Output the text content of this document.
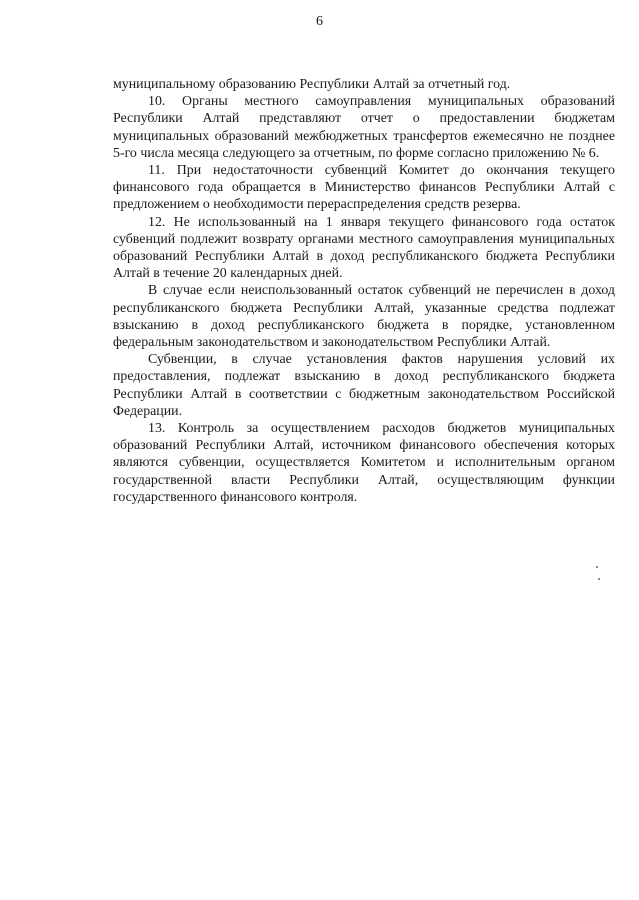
6

муниципальному образованию Республики Алтай за отчетный год.

10. Органы местного самоуправления муниципальных образований Республики Алтай представляют отчет о предоставлении бюджетам муниципальных образований межбюджетных трансфертов ежемесячно не позднее 5-го числа месяца следующего за отчетным, по форме согласно приложению № 6.

11. При недостаточности субвенций Комитет до окончания текущего финансового года обращается в Министерство финансов Республики Алтай с предложением о необходимости перераспределения средств резерва.

12. Не использованный на 1 января текущего финансового года остаток субвенций подлежит возврату органами местного самоуправления муниципальных образований Республики Алтай в доход республиканского бюджета Республики Алтай в течение 20 календарных дней.

В случае если неиспользованный остаток субвенций не перечислен в доход республиканского бюджета Республики Алтай, указанные средства подлежат взысканию в доход республиканского бюджета в порядке, установленном федеральным законодательством и законодательством Республики Алтай.

Субвенции, в случае установления фактов нарушения условий их предоставления, подлежат взысканию в доход республиканского бюджета Республики Алтай в соответствии с бюджетным законодательством Российской Федерации.

13. Контроль за осуществлением расходов бюджетов муниципальных образований Республики Алтай, источником финансового обеспечения которых являются субвенции, осуществляется Комитетом и исполнительным органом государственной власти Республики Алтай, осуществляющим функции государственного финансового контроля.
